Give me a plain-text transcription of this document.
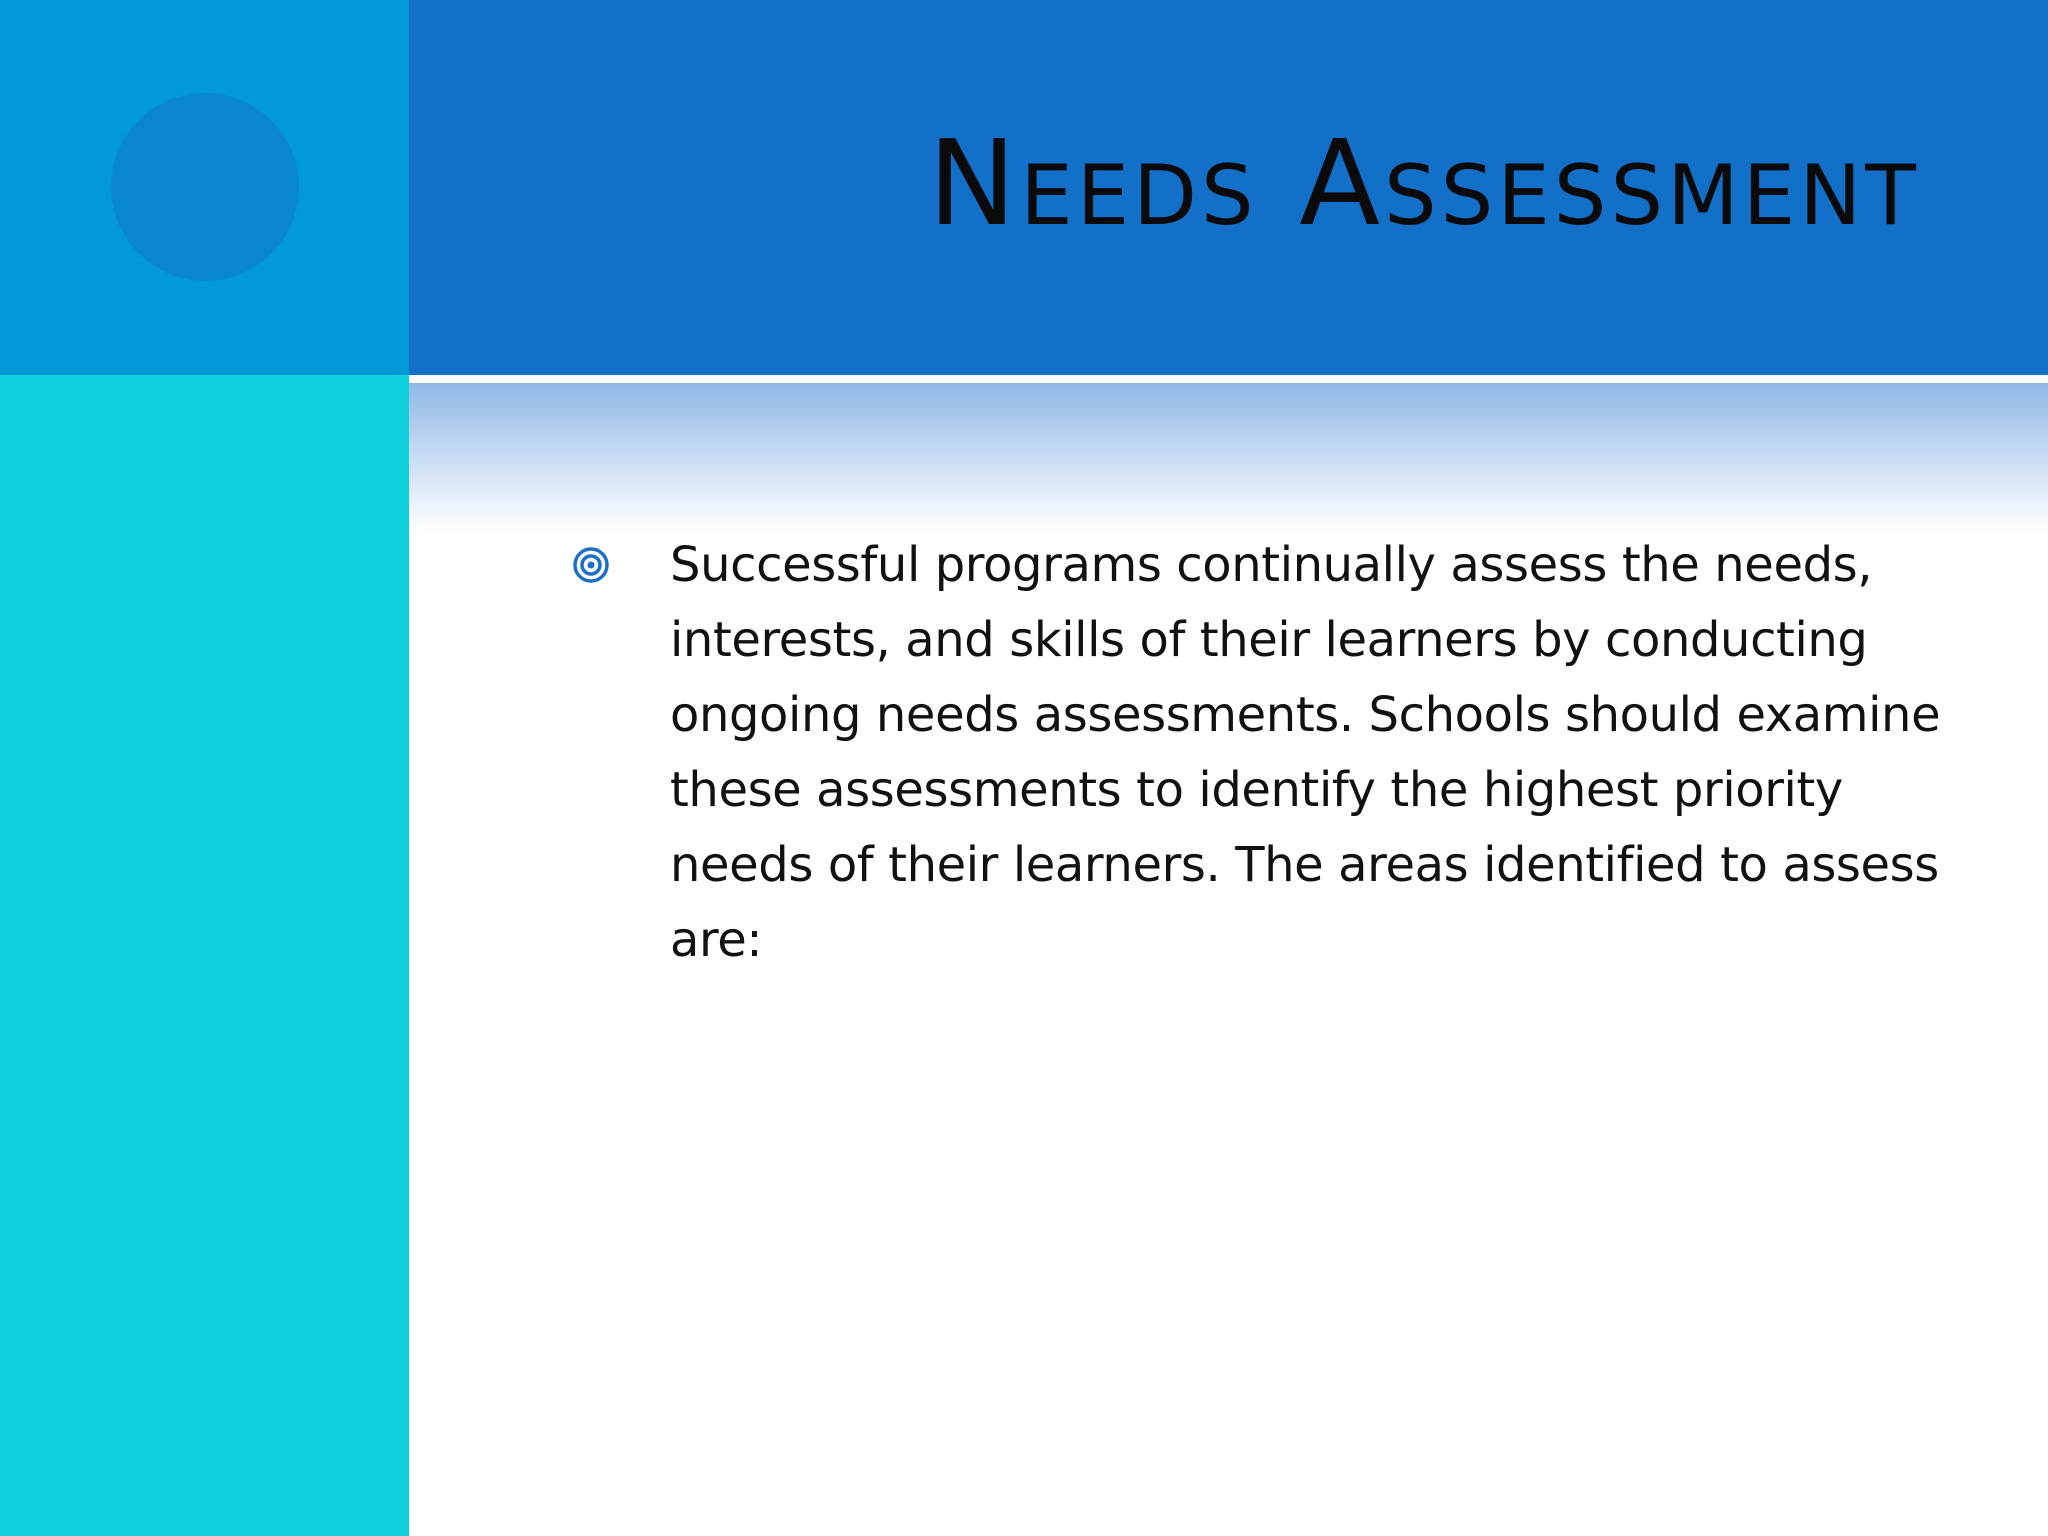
Needs Assessment

Successful programs continually assess the needs, interests, and skills of their learners by conducting ongoing needs assessments. Schools should examine these assessments to identify the highest priority needs of their learners. The areas identified to assess are:
